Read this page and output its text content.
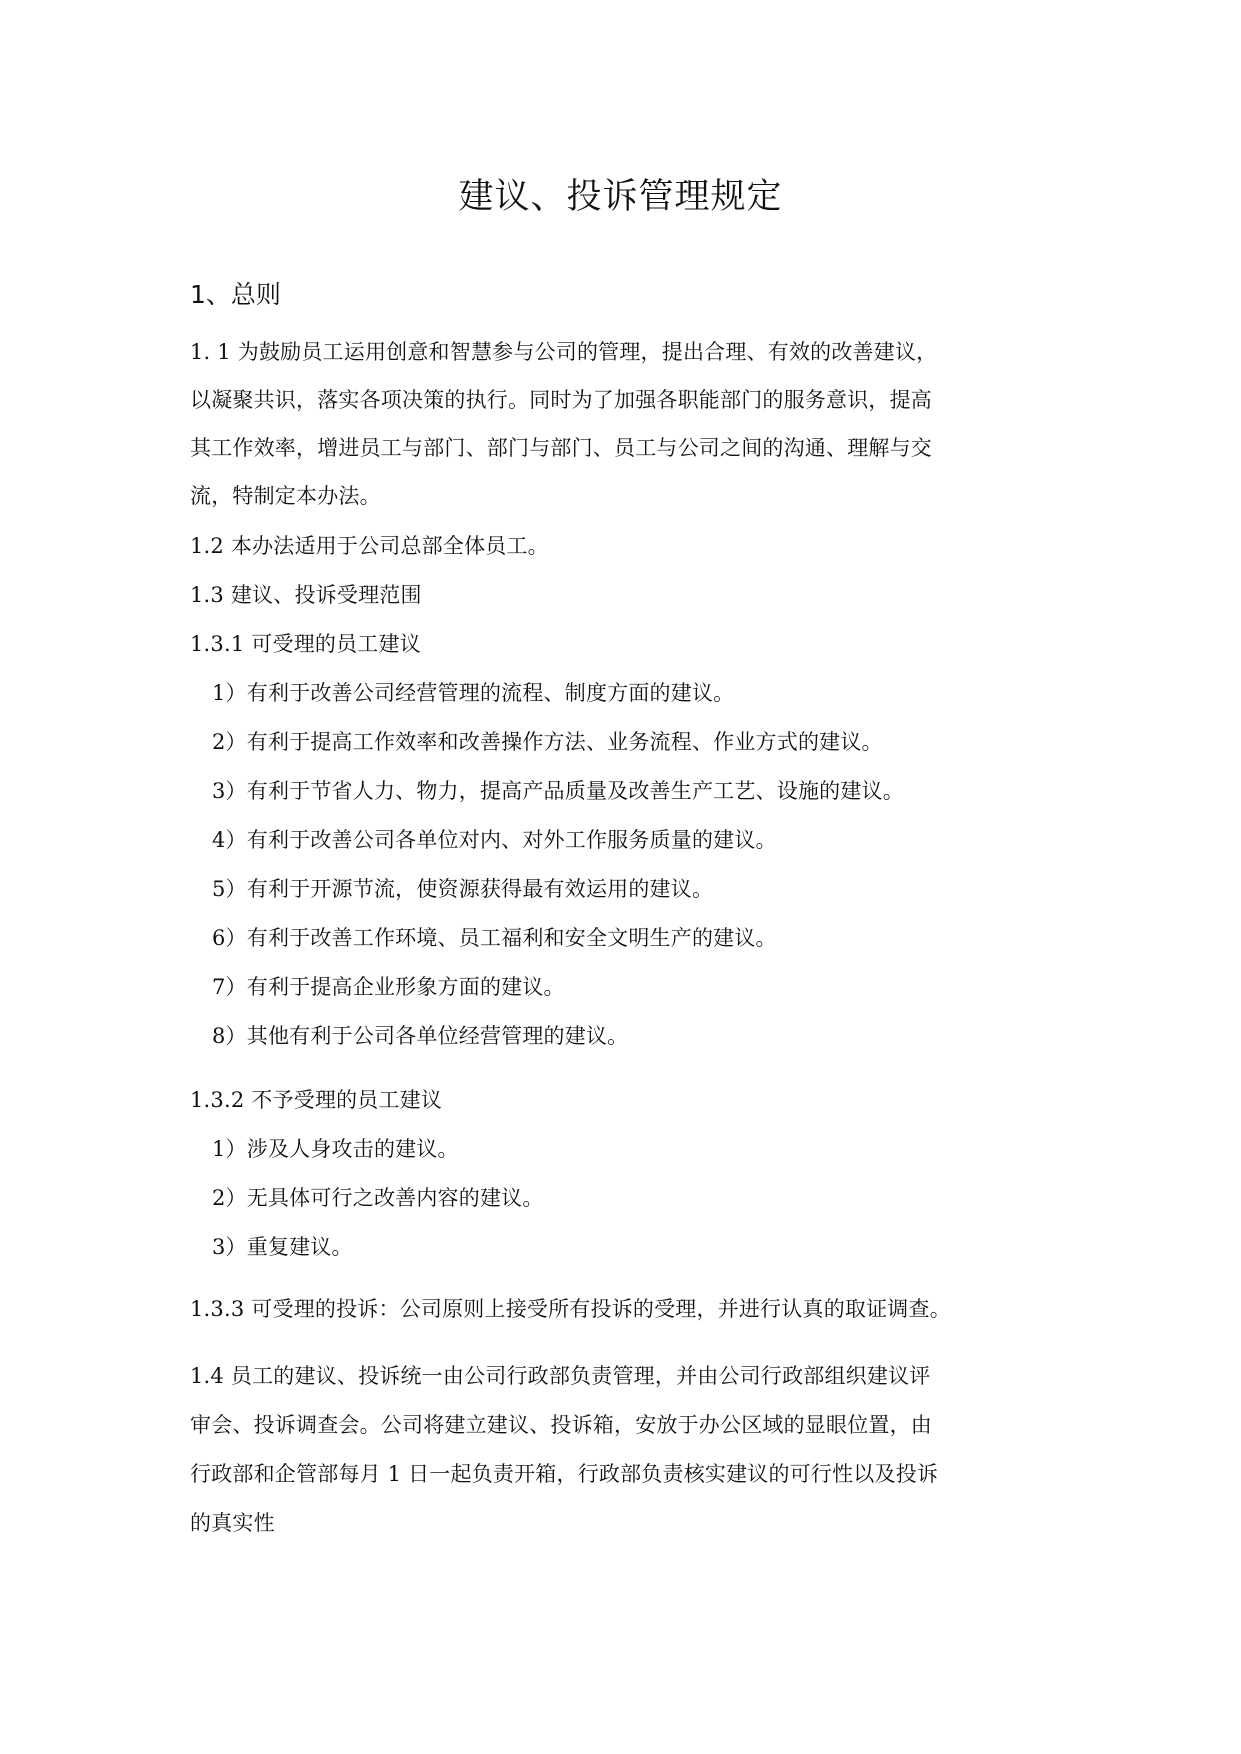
建议、投诉管理规定
1、总则
1. 1 为鼓励员工运用创意和智慧参与公司的管理，提出合理、有效的改善建议，
以凝聚共识，落实各项决策的执行。同时为了加强各职能部门的服务意识，提高
其工作效率，增进员工与部门、部门与部门、员工与公司之间的沟通、理解与交
流，特制定本办法。
1.2 本办法适用于公司总部全体员工。
1.3 建议、投诉受理范围
1.3.1 可受理的员工建议
1）有利于改善公司经营管理的流程、制度方面的建议。
2）有利于提高工作效率和改善操作方法、业务流程、作业方式的建议。
3）有利于节省人力、物力，提高产品质量及改善生产工艺、设施的建议。
4）有利于改善公司各单位对内、对外工作服务质量的建议。
5）有利于开源节流，使资源获得最有效运用的建议。
6）有利于改善工作环境、员工福利和安全文明生产的建议。
7）有利于提高企业形象方面的建议。
8）其他有利于公司各单位经营管理的建议。
1.3.2 不予受理的员工建议
1）涉及人身攻击的建议。
2）无具体可行之改善内容的建议。
3）重复建议。
1.3.3 可受理的投诉：公司原则上接受所有投诉的受理，并进行认真的取证调查。
1.4 员工的建议、投诉统一由公司行政部负责管理，并由公司行政部组织建议评
审会、投诉调查会。公司将建立建议、投诉箱，安放于办公区域的显眼位置，由
行政部和企管部每月 1 日一起负责开箱，行政部负责核实建议的可行性以及投诉
的真实性
